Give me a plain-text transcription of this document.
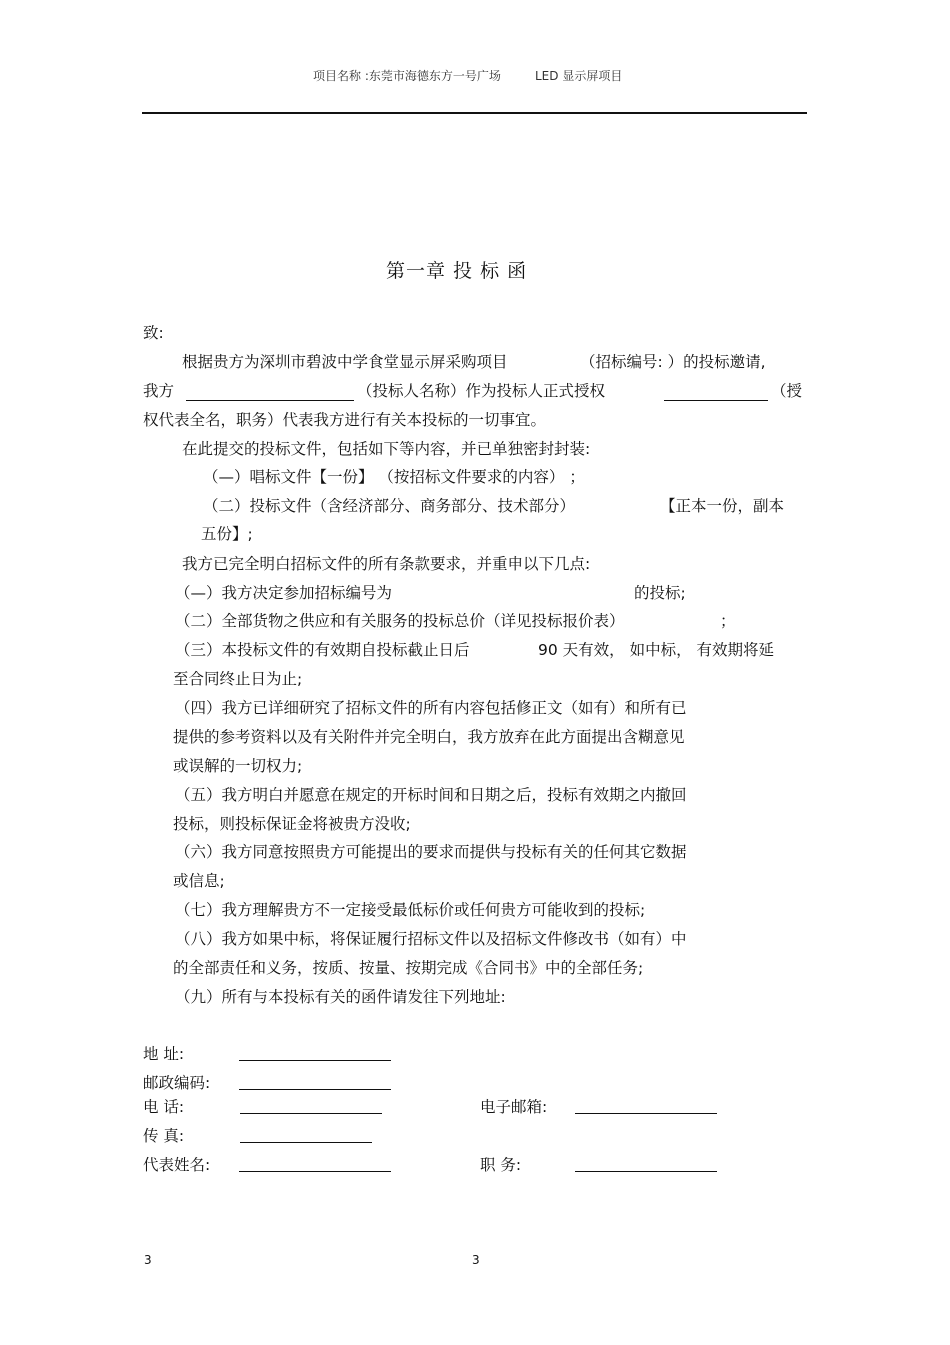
项目名称 :东莞市海德东方一号广场	LED 显示屏项目
第一章 投 标 函
致:
根据贵方为深圳市碧波中学食堂显示屏采购项目	（招标编号: ）的投标邀请,
我方	（投标人名称）作为投标人正式授权	（授
权代表全名，职务）代表我方进行有关本投标的一切事宜。
在此提交的投标文件，包括如下等内容，并已单独密封封装:
（—）唱标文件【一份】 （按招标文件要求的内容） ；
（二）投标文件（含经济部分、商务部分、技术部分）	【正本一份，副本
五份】;
我方已完全明白招标文件的所有条款要求，并重申以下几点:
（—）我方决定参加招标编号为	的投标;
（二）全部货物之供应和有关服务的投标总价（详见投标报价表）	；
（三）本投标文件的有效期自投标截止日后	90 天有效， 如中标， 有效期将延
至合同终止日为止;
（四）我方已详细研究了招标文件的所有内容包括修正文（如有）和所有已
提供的参考资料以及有关附件并完全明白，我方放弃在此方面提出含糊意见
或误解的一切权力;
（五）我方明白并愿意在规定的开标时间和日期之后，投标有效期之内撤回
投标，则投标保证金将被贵方没收;
（六）我方同意按照贵方可能提出的要求而提供与投标有关的任何其它数据
或信息;
（七）我方理解贵方不一定接受最低标价或任何贵方可能收到的投标;
（八）我方如果中标，将保证履行招标文件以及招标文件修改书（如有）中
的全部责任和义务，按质、按量、按期完成《合同书》中的全部任务;
（九）所有与本投标有关的函件请发往下列地址:
地 址:
邮政编码:
电 话:	电子邮箱:
传 真:
代表姓名:	职 务:
3	3
